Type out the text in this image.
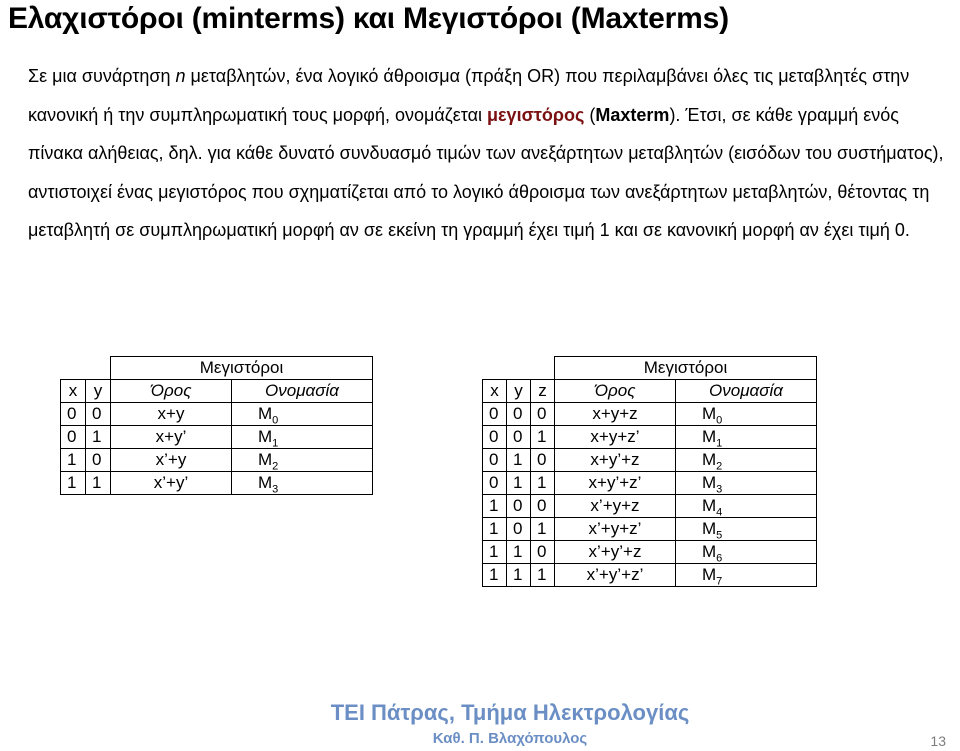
Ελαχιστόροι (minterms) και Μεγιστόροι (Maxterms)

Σε μια συνάρτηση n μεταβλητών, ένα λογικό άθροισμα (πράξη OR) που περιλαμβάνει όλες τις μεταβλητές στην κανονική ή την συμπληρωματική τους μορφή, ονομάζεται μεγιστόρος (Maxterm). Έτσι, σε κάθε γραμμή ενός πίνακα αλήθειας, δηλ. για κάθε δυνατό συνδυασμό τιμών των ανεξάρτητων μεταβλητών (εισόδων του συστήματος), αντιστοιχεί ένας μεγιστόρος που σχηματίζεται από το λογικό άθροισμα των ανεξάρτητων μεταβλητών, θέτοντας τη μεταβλητή σε συμπληρωματική μορφή αν σε εκείνη τη γραμμή έχει τιμή 1 και σε κανονική μορφή αν έχει τιμή 0.

		Μεγιστόροι	
x	y	Όρος	Ονομασία
0	0	x+y	$M_0$
0	1	x+y’	$M_1$
1	0	x’+y	$M_2$
1	1	x’+y’	$M_3$
			Μεγιστόροι	
x	y	z	Όρος	Ονομασία
0	0	0	x+y+z	$M_0$
0	0	1	x+y+z’	$M_1$
0	1	0	x+y’+z	$M_2$
0	1	1	x+y’+z’	$M_3$
1	0	0	x’+y+z	$M_4$
1	0	1	x’+y+z’	$M_5$
1	1	0	x’+y’+z	$M_6$
1	1	1	x’+y’+z’	$M_7$
ΤΕΙ Πάτρας, Τμήμα Ηλεκτρολογίας
Καθ. Π. Βλαχόπουλος	13
